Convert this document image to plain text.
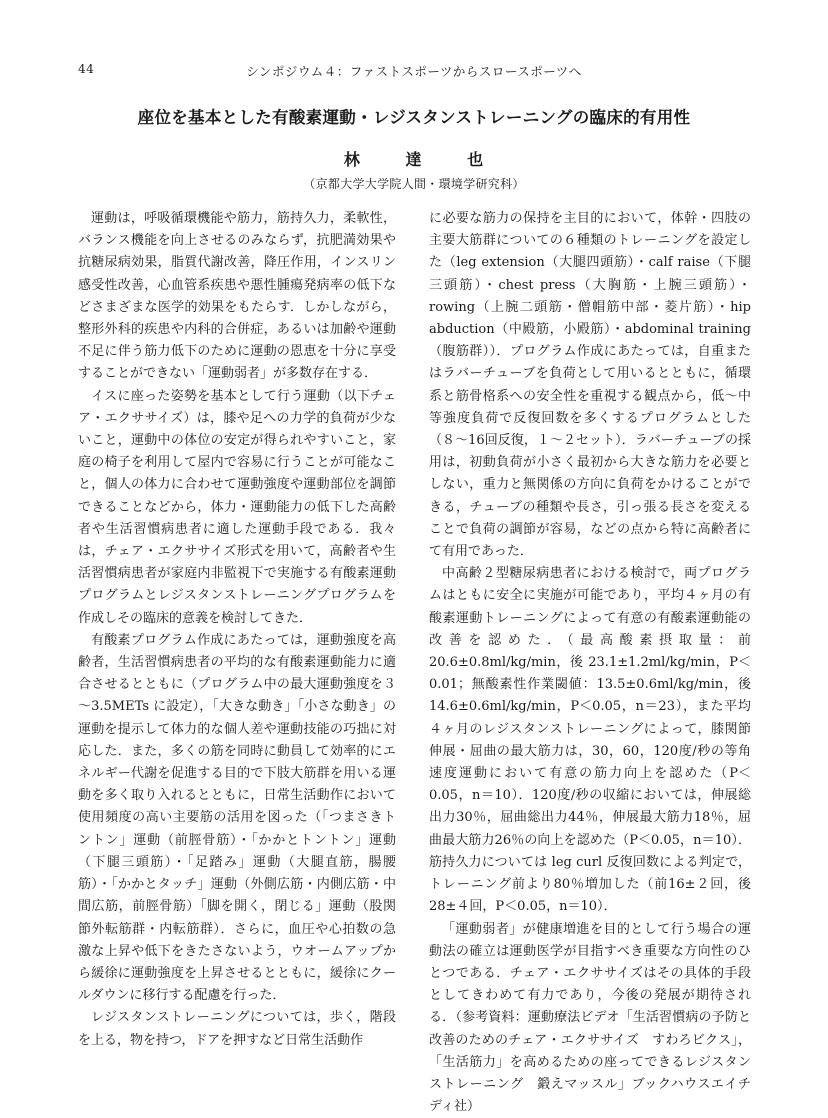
44	シンポジウム４：ファストスポーツからスロースポーツへ
座位を基本とした有酸素運動・レジスタンストレーニングの臨床的有用性
林 達 也
（京都大学大学院人間・環境学研究科）

運動は，呼吸循環機能や筋力，筋持久力，柔軟性，バランス機能を向上させるのみならず，抗肥満効果や抗糖尿病効果，脂質代謝改善，降圧作用，インスリン感受性改善，心血管系疾患や悪性腫瘍発病率の低下などさまざまな医学的効果をもたらす．しかしながら，整形外科的疾患や内科的合併症，あるいは加齢や運動不足に伴う筋力低下のために運動の恩恵を十分に享受することができない「運動弱者」が多数存在する．

イスに座った姿勢を基本として行う運動（以下チェア・エクササイズ）は，膝や足への力学的負荷が少ないこと，運動中の体位の安定が得られやすいこと，家庭の椅子を利用して屋内で容易に行うことが可能なこと，個人の体力に合わせて運動強度や運動部位を調節できることなどから，体力・運動能力の低下した高齢者や生活習慣病患者に適した運動手段である．我々は，チェア・エクササイズ形式を用いて，高齢者や生活習慣病患者が家庭内非監視下で実施する有酸素運動プログラムとレジスタンストレーニングプログラムを作成しその臨床的意義を検討してきた．

有酸素プログラム作成にあたっては，運動強度を高齢者，生活習慣病患者の平均的な有酸素運動能力に適合させるとともに（プログラム中の最大運動強度を３～3.5METs に設定），「大きな動き」「小さな動き」の運動を提示して体力的な個人差や運動技能の巧拙に対応した．また，多くの筋を同時に動員して効率的にエネルギー代謝を促進する目的で下肢大筋群を用いる運動を多く取り入れるとともに，日常生活動作において使用頻度の高い主要筋の活用を図った（「つまさきトントン」運動（前脛骨筋）・「かかとトントン」運動（下腿三頭筋）・「足踏み」運動（大腿直筋，腸腰筋）・「かかとタッチ」運動（外側広筋・内側広筋・中間広筋，前脛骨筋）「脚を開く，閉じる」運動（股関節外転筋群・内転筋群）．さらに，血圧や心拍数の急激な上昇や低下をきたさないよう，ウオームアップから緩徐に運動強度を上昇させるとともに，緩徐にクールダウンに移行する配慮を行った．

レジスタンストレーニングについては，歩く，階段を上る，物を持つ，ドアを押すなど日常生活動作

に必要な筋力の保持を主目的において，体幹・四肢の主要大筋群についての６種類のトレーニングを設定した（leg extension（大腿四頭筋）・calf raise（下腿三頭筋）・chest press（大胸筋・上腕三頭筋）・rowing（上腕二頭筋・僧帽筋中部・菱片筋）・hip abduction（中殿筋，小殿筋）・abdominal training（腹筋群））．プログラム作成にあたっては，自重またはラバーチューブを負荷として用いるとともに，循環系と筋骨格系への安全性を重視する観点から，低～中等強度負荷で反復回数を多くするプログラムとした（８～16回反復，１～２セット）．ラバーチューブの採用は，初動負荷が小さく最初から大きな筋力を必要としない，重力と無関係の方向に負荷をかけることができる，チューブの種類や長さ，引っ張る長さを変えることで負荷の調節が容易，などの点から特に高齢者にて有用であった．

中高齢２型糖尿病患者における検討で，両プログラムはともに安全に実施が可能であり，平均４ヶ月の有酸素運動トレーニングによって有意の有酸素運動能の改善を認めた．（最高酸素摂取量：前 20.6±0.8ml/kg/min，後 23.1±1.2ml/kg/min，P＜0.01；無酸素性作業閾値：13.5±0.6ml/kg/min，後14.6±0.6ml/kg/min，P＜0.05，n＝23），また平均４ヶ月のレジスタンストレーニングによって，膝関節伸展・屈曲の最大筋力は，30，60，120度/秒の等角速度運動において有意の筋力向上を認めた（P＜0.05，n＝10）．120度/秒の収縮においては，伸展総出力30％，屈曲総出力44％，伸展最大筋力18％，屈曲最大筋力26％の向上を認めた（P＜0.05，n＝10）．筋持久力については leg curl 反復回数による判定で，トレーニング前より80％増加した（前16±２回，後28±４回，P＜0.05，n＝10）．

「運動弱者」が健康増進を目的として行う場合の運動法の確立は運動医学が目指すべき重要な方向性のひとつである．チェア・エクササイズはその具体的手段としてきわめて有力であり，今後の発展が期待される．（参考資料：運動療法ビデオ「生活習慣病の予防と改善のためのチェア・エクササイズ　すわろビクス」，「生活筋力」を高めるための座ってできるレジスタンストレーニング　鍛えマッスル」ブックハウスエイチディ社）
